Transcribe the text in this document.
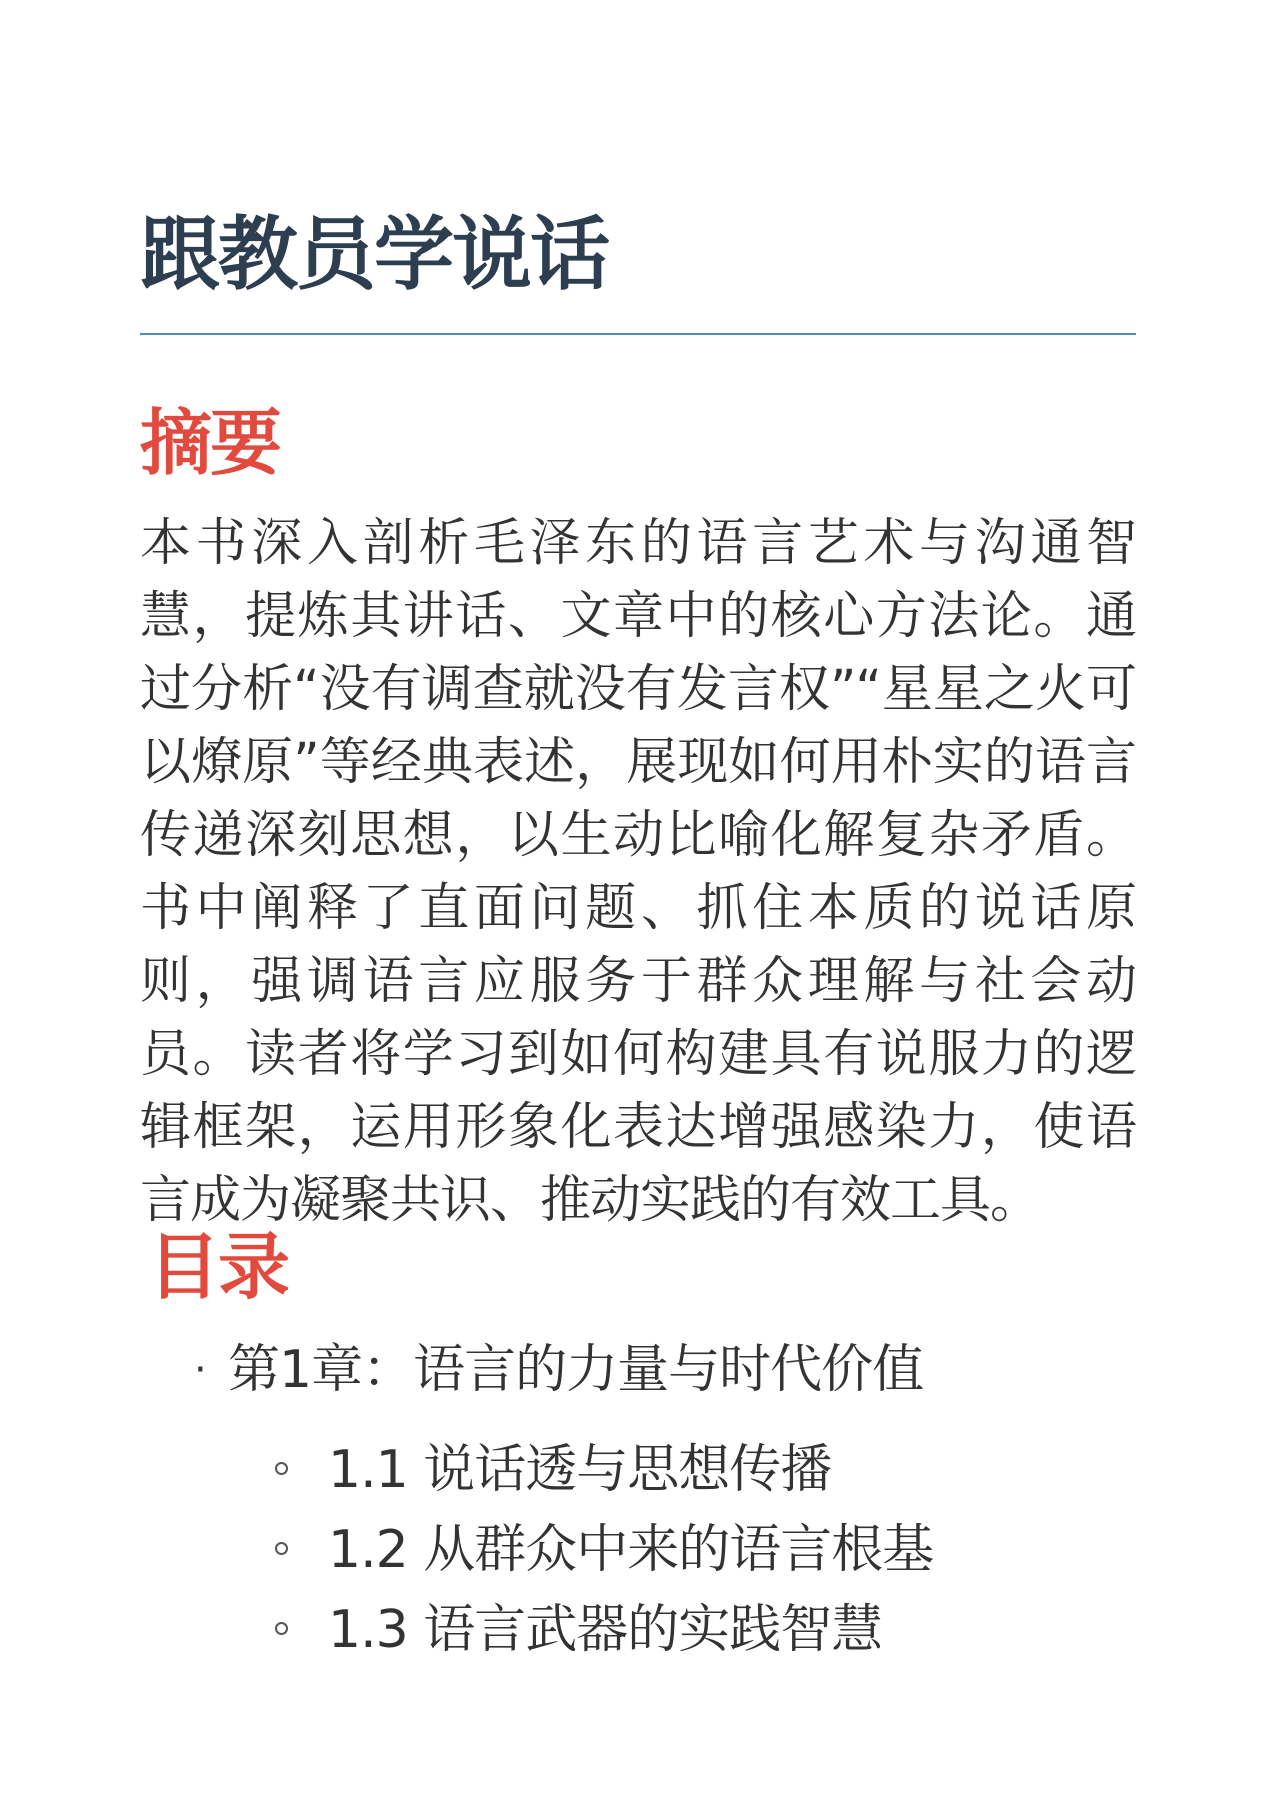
跟教员学说话
摘要

本书深入剖析毛泽东的语言艺术与沟通智慧，提炼其讲话、文章中的核心方法论。通过分析“没有调查就没有发言权”“星星之火可以燎原”等经典表述，展现如何用朴实的语言传递深刻思想，以生动比喻化解复杂矛盾。书中阐释了直面问题、抓住本质的说话原则，强调语言应服务于群众理解与社会动员。读者将学习到如何构建具有说服力的逻辑框架，运用形象化表达增强感染力，使语言成为凝聚共识、推动实践的有效工具。

目录
· 第1章：语言的力量与时代价值
1.1 说话透与思想传播
1.2 从群众中来的语言根基
1.3 语言武器的实践智慧
